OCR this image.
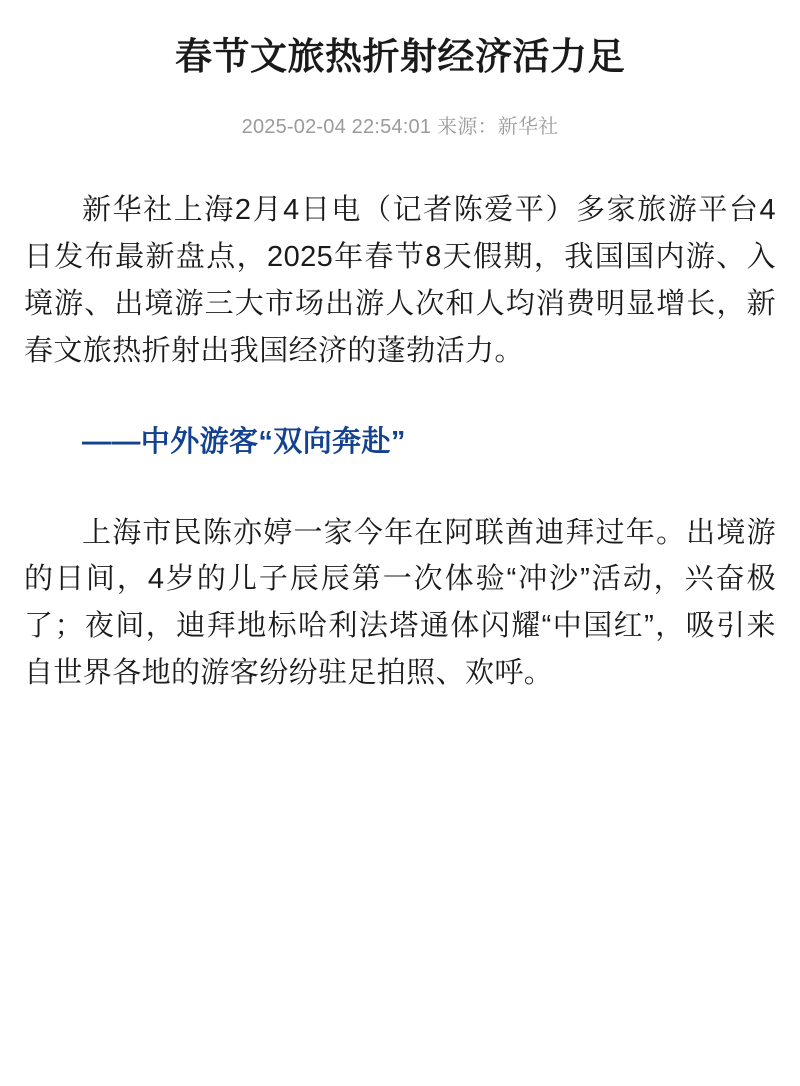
春节文旅热折射经济活力足
2025-02-04 22:54:01 来源：新华社

新华社上海2月4日电（记者陈爱平）多家旅游平台4日发布最新盘点，2025年春节8天假期，我国国内游、入境游、出境游三大市场出游人次和人均消费明显增长，新春文旅热折射出我国经济的蓬勃活力。

——中外游客“双向奔赴”

上海市民陈亦婷一家今年在阿联酋迪拜过年。出境游的日间，4岁的儿子辰辰第一次体验“冲沙”活动，兴奋极了；夜间，迪拜地标哈利法塔通体闪耀“中国红”，吸引来自世界各地的游客纷纷驻足拍照、欢呼。
